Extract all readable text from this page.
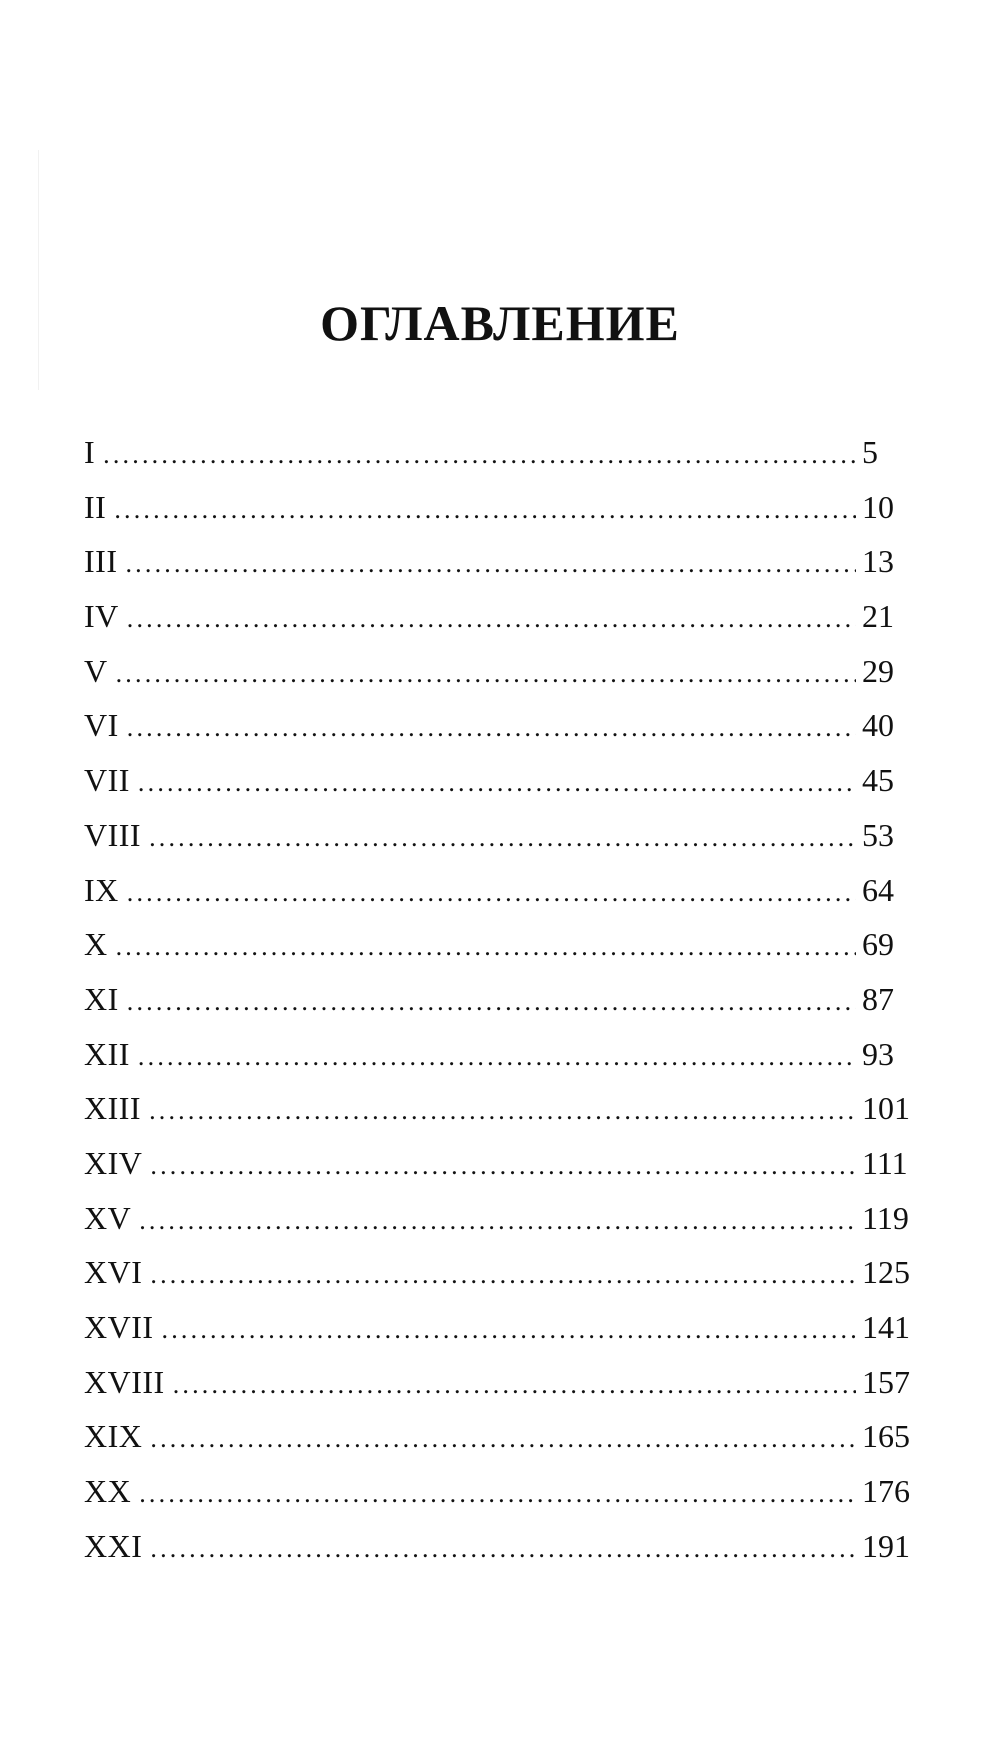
ОГЛАВЛЕНИЕ
I .....	5
II .....	10
III .....	13
IV .....	21
V .....	29
VI .....	40
VII .....	45
VIII .....	53
IX .....	64
X .....	69
XI .....	87
XII .....	93
XIII .....	101
XIV .....	111
XV .....	119
XVI .....	125
XVII .....	141
XVIII .....	157
XIX .....	165
XX .....	176
XXI .....	191
